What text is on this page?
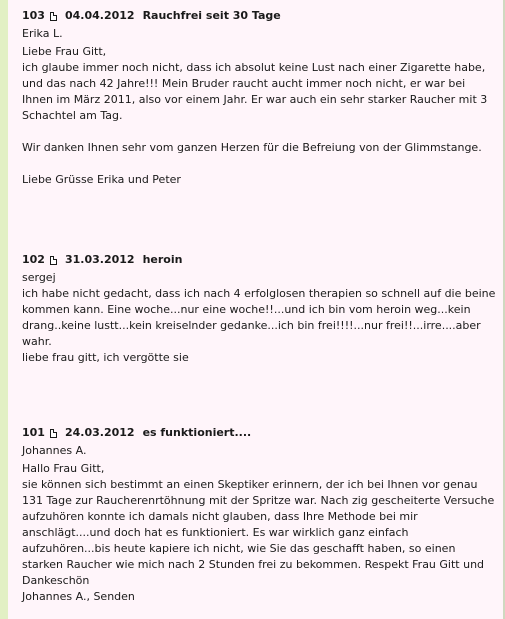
103 04.04.2012 Rauchfrei seit 30 Tage
Erika L.

Liebe Frau Gitt,

ich glaube immer noch nicht, dass ich absolut keine Lust nach einer Zigarette habe, und das nach 42 Jahre!!! Mein Bruder raucht aucht immer noch nicht, er war bei Ihnen im März 2011, also vor einem Jahr. Er war auch ein sehr starker Raucher mit 3 Schachtel am Tag.

Wir danken Ihnen sehr vom ganzen Herzen für die Befreiung von der Glimmstange.

Liebe Grüsse Erika und Peter

102 31.03.2012 heroin
sergej

ich habe nicht gedacht, dass ich nach 4 erfolglosen therapien so schnell auf die beine kommen kann. Eine woche...nur eine woche!!...und ich bin vom heroin weg...kein drang..keine lustt...kein kreiselnder gedanke...ich bin frei!!!!...nur frei!!...irre....aber wahr.

liebe frau gitt, ich vergötte sie

101 24.03.2012 es funktioniert....
Johannes A.

Hallo Frau Gitt,

sie können sich bestimmt an einen Skeptiker erinnern, der ich bei Ihnen vor genau 131 Tage zur Raucherenrtöhnung mit der Spritze war. Nach zig gescheiterte Versuche aufzuhören konnte ich damals nicht glauben, dass Ihre Methode bei mir anschlägt....und doch hat es funktioniert. Es war wirklich ganz einfach aufzuhören...bis heute kapiere ich nicht, wie Sie das geschafft haben, so einen starken Raucher wie mich nach 2 Stunden frei zu bekommen. Respekt Frau Gitt und Dankeschön

Johannes A., Senden
